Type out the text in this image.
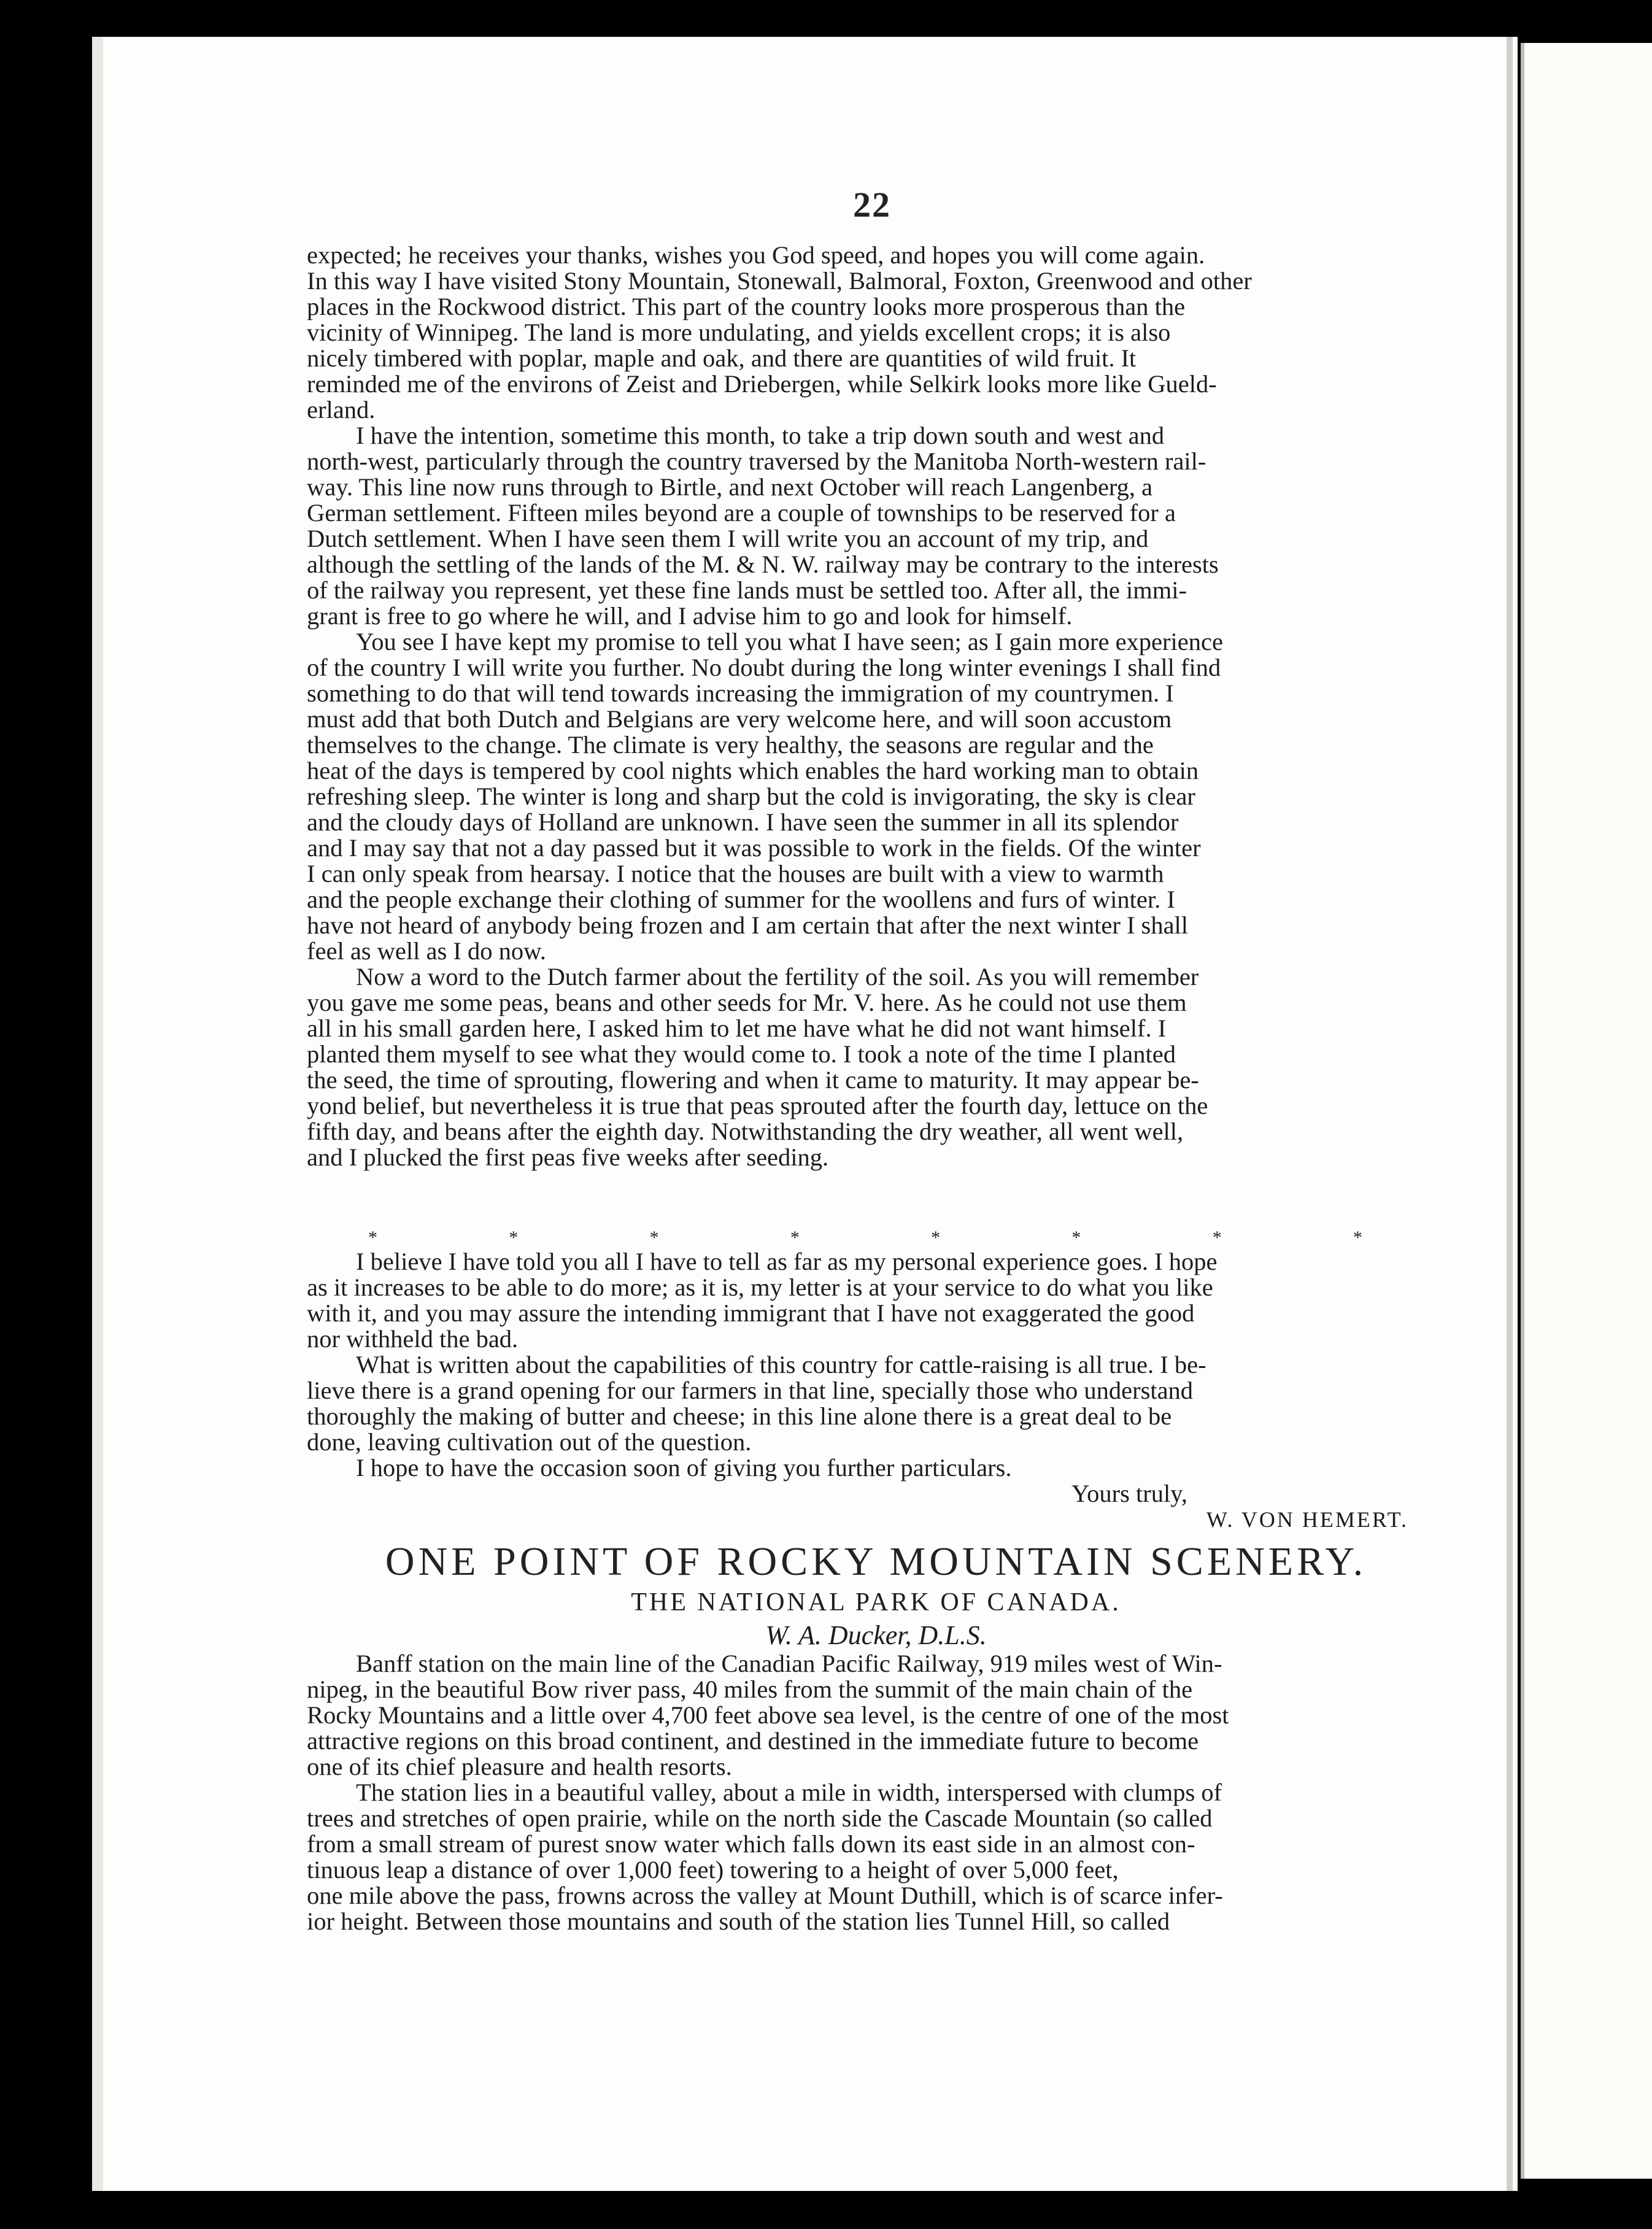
22

expected; he receives your thanks, wishes you God speed, and hopes you will come again.
In this way I have visited Stony Mountain, Stonewall, Balmoral, Foxton, Greenwood and other
places in the Rockwood district. This part of the country looks more prosperous than the
vicinity of Winnipeg. The land is more undulating, and yields excellent crops; it is also
nicely timbered with poplar, maple and oak, and there are quantities of wild fruit. It
reminded me of the environs of Zeist and Driebergen, while Selkirk looks more like Gueld-
erland.

I have the intention, sometime this month, to take a trip down south and west and
north-west, particularly through the country traversed by the Manitoba North-western rail-
way. This line now runs through to Birtle, and next October will reach Langenberg, a
German settlement. Fifteen miles beyond are a couple of townships to be reserved for a
Dutch settlement. When I have seen them I will write you an account of my trip, and
although the settling of the lands of the M. & N. W. railway may be contrary to the interests
of the railway you represent, yet these fine lands must be settled too. After all, the immi-
grant is free to go where he will, and I advise him to go and look for himself.

You see I have kept my promise to tell you what I have seen; as I gain more experience
of the country I will write you further. No doubt during the long winter evenings I shall find
something to do that will tend towards increasing the immigration of my countrymen. I
must add that both Dutch and Belgians are very welcome here, and will soon accustom
themselves to the change. The climate is very healthy, the seasons are regular and the
heat of the days is tempered by cool nights which enables the hard working man to obtain
refreshing sleep. The winter is long and sharp but the cold is invigorating, the sky is clear
and the cloudy days of Holland are unknown. I have seen the summer in all its splendor
and I may say that not a day passed but it was possible to work in the fields. Of the winter
I can only speak from hearsay. I notice that the houses are built with a view to warmth
and the people exchange their clothing of summer for the woollens and furs of winter. I
have not heard of anybody being frozen and I am certain that after the next winter I shall
feel as well as I do now.

Now a word to the Dutch farmer about the fertility of the soil. As you will remember
you gave me some peas, beans and other seeds for Mr. V. here. As he could not use them
all in his small garden here, I asked him to let me have what he did not want himself. I
planted them myself to see what they would come to. I took a note of the time I planted
the seed, the time of sprouting, flowering and when it came to maturity. It may appear be-
yond belief, but nevertheless it is true that peas sprouted after the fourth day, lettuce on the
fifth day, and beans after the eighth day. Notwithstanding the dry weather, all went well,
and I plucked the first peas five weeks after seeding.

*	*	*	*	*	*	*	*

I believe I have told you all I have to tell as far as my personal experience goes. I hope
as it increases to be able to do more; as it is, my letter is at your service to do what you like
with it, and you may assure the intending immigrant that I have not exaggerated the good
nor withheld the bad.

What is written about the capabilities of this country for cattle-raising is all true. I be-
lieve there is a grand opening for our farmers in that line, specially those who understand
thoroughly the making of butter and cheese; in this line alone there is a great deal to be
done, leaving cultivation out of the question.

I hope to have the occasion soon of giving you further particulars.

Yours truly,
W. VON HEMERT.
ONE POINT OF ROCKY MOUNTAIN SCENERY.
THE NATIONAL PARK OF CANADA.
W. A. Ducker, D.L.S.

Banff station on the main line of the Canadian Pacific Railway, 919 miles west of Win-
nipeg, in the beautiful Bow river pass, 40 miles from the summit of the main chain of the
Rocky Mountains and a little over 4,700 feet above sea level, is the centre of one of the most
attractive regions on this broad continent, and destined in the immediate future to become
one of its chief pleasure and health resorts.

The station lies in a beautiful valley, about a mile in width, interspersed with clumps of
trees and stretches of open prairie, while on the north side the Cascade Mountain (so called
from a small stream of purest snow water which falls down its east side in an almost con-
tinuous leap a distance of over 1,000 feet) towering to a height of over 5,000 feet,
one mile above the pass, frowns across the valley at Mount Duthill, which is of scarce infer-
ior height. Between those mountains and south of the station lies Tunnel Hill, so called
